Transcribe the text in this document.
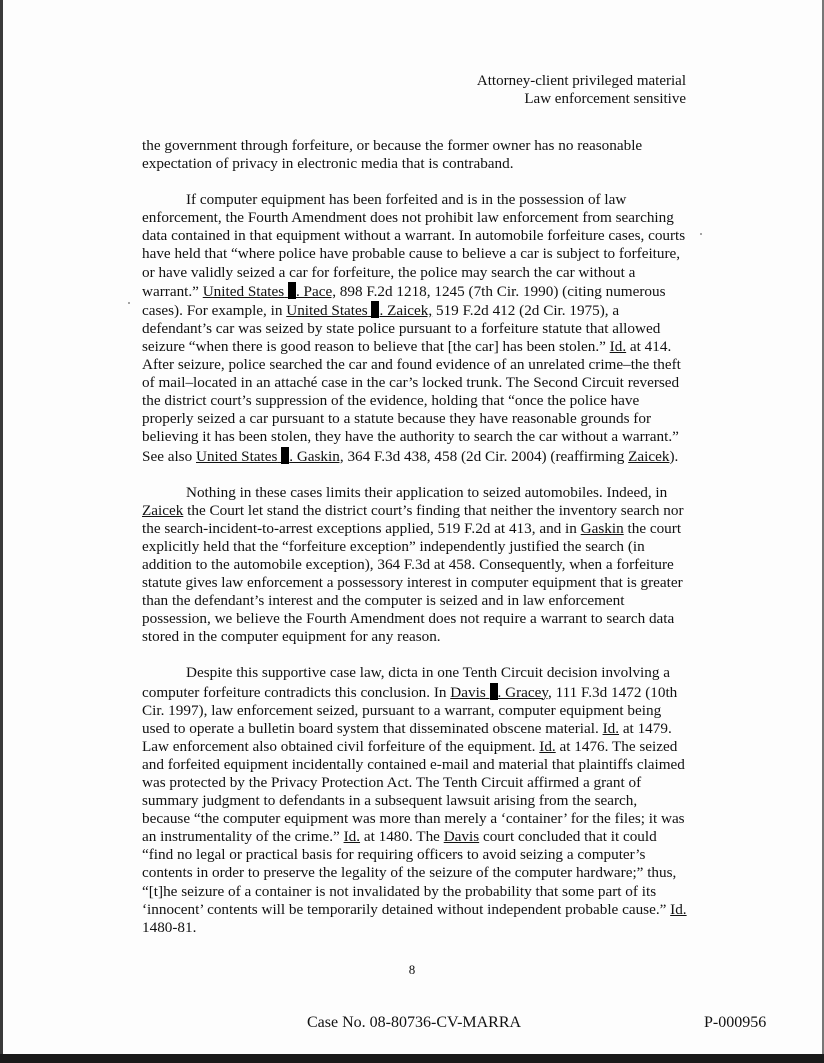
Attorney-client privileged material
Law enforcement sensitive

the government through forfeiture, or because the former owner has no reasonable expectation of privacy in electronic media that is contraband.

If computer equipment has been forfeited and is in the possession of law enforcement, the Fourth Amendment does not prohibit law enforcement from searching data contained in that equipment without a warrant. In automobile forfeiture cases, courts have held that “where police have probable cause to believe a car is subject to forfeiture, or have validly seized a car for forfeiture, the police may search the car without a warrant.” United States . Pace, 898 F.2d 1218, 1245 (7th Cir. 1990) (citing numerous cases). For example, in United States . Zaicek, 519 F.2d 412 (2d Cir. 1975), a defendant’s car was seized by state police pursuant to a forfeiture statute that allowed seizure “when there is good reason to believe that [the car] has been stolen.” Id. at 414. After seizure, police searched the car and found evidence of an unrelated crime–the theft of mail–located in an attaché case in the car’s locked trunk. The Second Circuit reversed the district court’s suppression of the evidence, holding that “once the police have properly seized a car pursuant to a statute because they have reasonable grounds for believing it has been stolen, they have the authority to search the car without a warrant.” See also United States . Gaskin, 364 F.3d 438, 458 (2d Cir. 2004) (reaffirming Zaicek).

Nothing in these cases limits their application to seized automobiles. Indeed, in Zaicek the Court let stand the district court’s finding that neither the inventory search nor the search-incident-to-arrest exceptions applied, 519 F.2d at 413, and in Gaskin the court explicitly held that the “forfeiture exception” independently justified the search (in addition to the automobile exception), 364 F.3d at 458. Consequently, when a forfeiture statute gives law enforcement a possessory interest in computer equipment that is greater than the defendant’s interest and the computer is seized and in law enforcement possession, we believe the Fourth Amendment does not require a warrant to search data stored in the computer equipment for any reason.

Despite this supportive case law, dicta in one Tenth Circuit decision involving a computer forfeiture contradicts this conclusion. In Davis . Gracey, 111 F.3d 1472 (10th Cir. 1997), law enforcement seized, pursuant to a warrant, computer equipment being used to operate a bulletin board system that disseminated obscene material. Id. at 1479. Law enforcement also obtained civil forfeiture of the equipment. Id. at 1476. The seized and forfeited equipment incidentally contained e-mail and material that plaintiffs claimed was protected by the Privacy Protection Act. The Tenth Circuit affirmed a grant of summary judgment to defendants in a subsequent lawsuit arising from the search, because “the computer equipment was more than merely a ‘container’ for the files; it was an instrumentality of the crime.” Id. at 1480. The Davis court concluded that it could “find no legal or practical basis for requiring officers to avoid seizing a computer’s contents in order to preserve the legality of the seizure of the computer hardware;” thus, “[t]he seizure of a container is not invalidated by the probability that some part of its ‘innocent’ contents will be temporarily detained without independent probable cause.” Id. 1480-81.

8
Case No. 08-80736-CV-MARRA	P-000956
